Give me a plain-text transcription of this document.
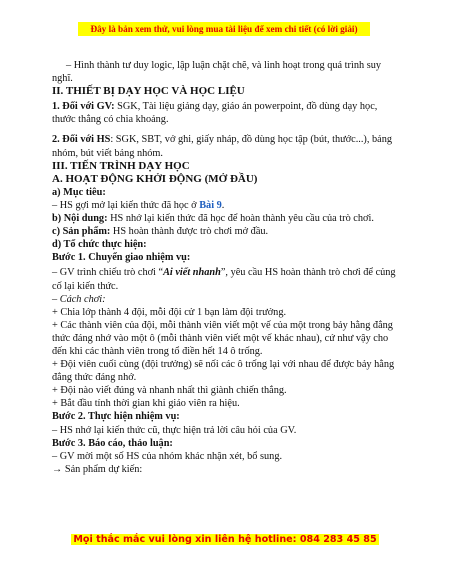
Đây là bản xem thử, vui lòng mua tài liệu để xem chi tiết (có lời giải)

– Hình thành tư duy logic, lập luận chặt chẽ, và linh hoạt trong quá trình suy nghĩ.

II. THIẾT BỊ DẠY HỌC VÀ HỌC LIỆU

1. Đối với GV: SGK, Tài liệu giảng dạy, giáo án powerpoint, đồ dùng dạy học, thước thẳng có chia khoảng.

2. Đối với HS: SGK, SBT, vở ghi, giấy nháp, đồ dùng học tập (bút, thước...), bảng nhóm, bút viết bảng nhóm.

III. TIẾN TRÌNH DẠY HỌC

A. HOẠT ĐỘNG KHỞI ĐỘNG (MỞ ĐẦU)

a) Mục tiêu:

– HS gợi mở lại kiến thức đã học ở Bài 9.

b) Nội dung: HS nhớ lại kiến thức đã học để hoàn thành yêu cầu của trò chơi.

c) Sản phẩm: HS hoàn thành được trò chơi mở đầu.

d) Tổ chức thực hiện:

Bước 1. Chuyển giao nhiệm vụ:

– GV trình chiếu trò chơi “Ai viết nhanh”, yêu cầu HS hoàn thành trò chơi để củng cố lại kiến thức.

– Cách chơi:

+ Chia lớp thành 4 đội, mỗi đội cử 1 bạn làm đội trưởng.

+ Các thành viên của đội, mỗi thành viên viết một vế của một trong bảy hằng đẳng thức đáng nhớ vào một ô (mỗi thành viên viết một vế khác nhau), cứ như vậy cho đến khi các thành viên trong tổ điền hết 14 ô trống.

+ Đội viên cuối cùng (đội trưởng) sẽ nối các ô trống lại với nhau để được bảy hằng đẳng thức đáng nhớ.

+ Đội nào viết đúng và nhanh nhất thì giành chiến thắng.

+ Bắt đầu tính thời gian khi giáo viên ra hiệu.

Bước 2. Thực hiện nhiệm vụ:

– HS nhớ lại kiến thức cũ, thực hiện trả lời câu hỏi của GV.

Bước 3. Báo cáo, thảo luận:

– GV mời một số HS của nhóm khác nhận xét, bổ sung.

→ Sản phẩm dự kiến:

Mọi thắc mắc vui lòng xin liên hệ hotline: 084 283 45 85
